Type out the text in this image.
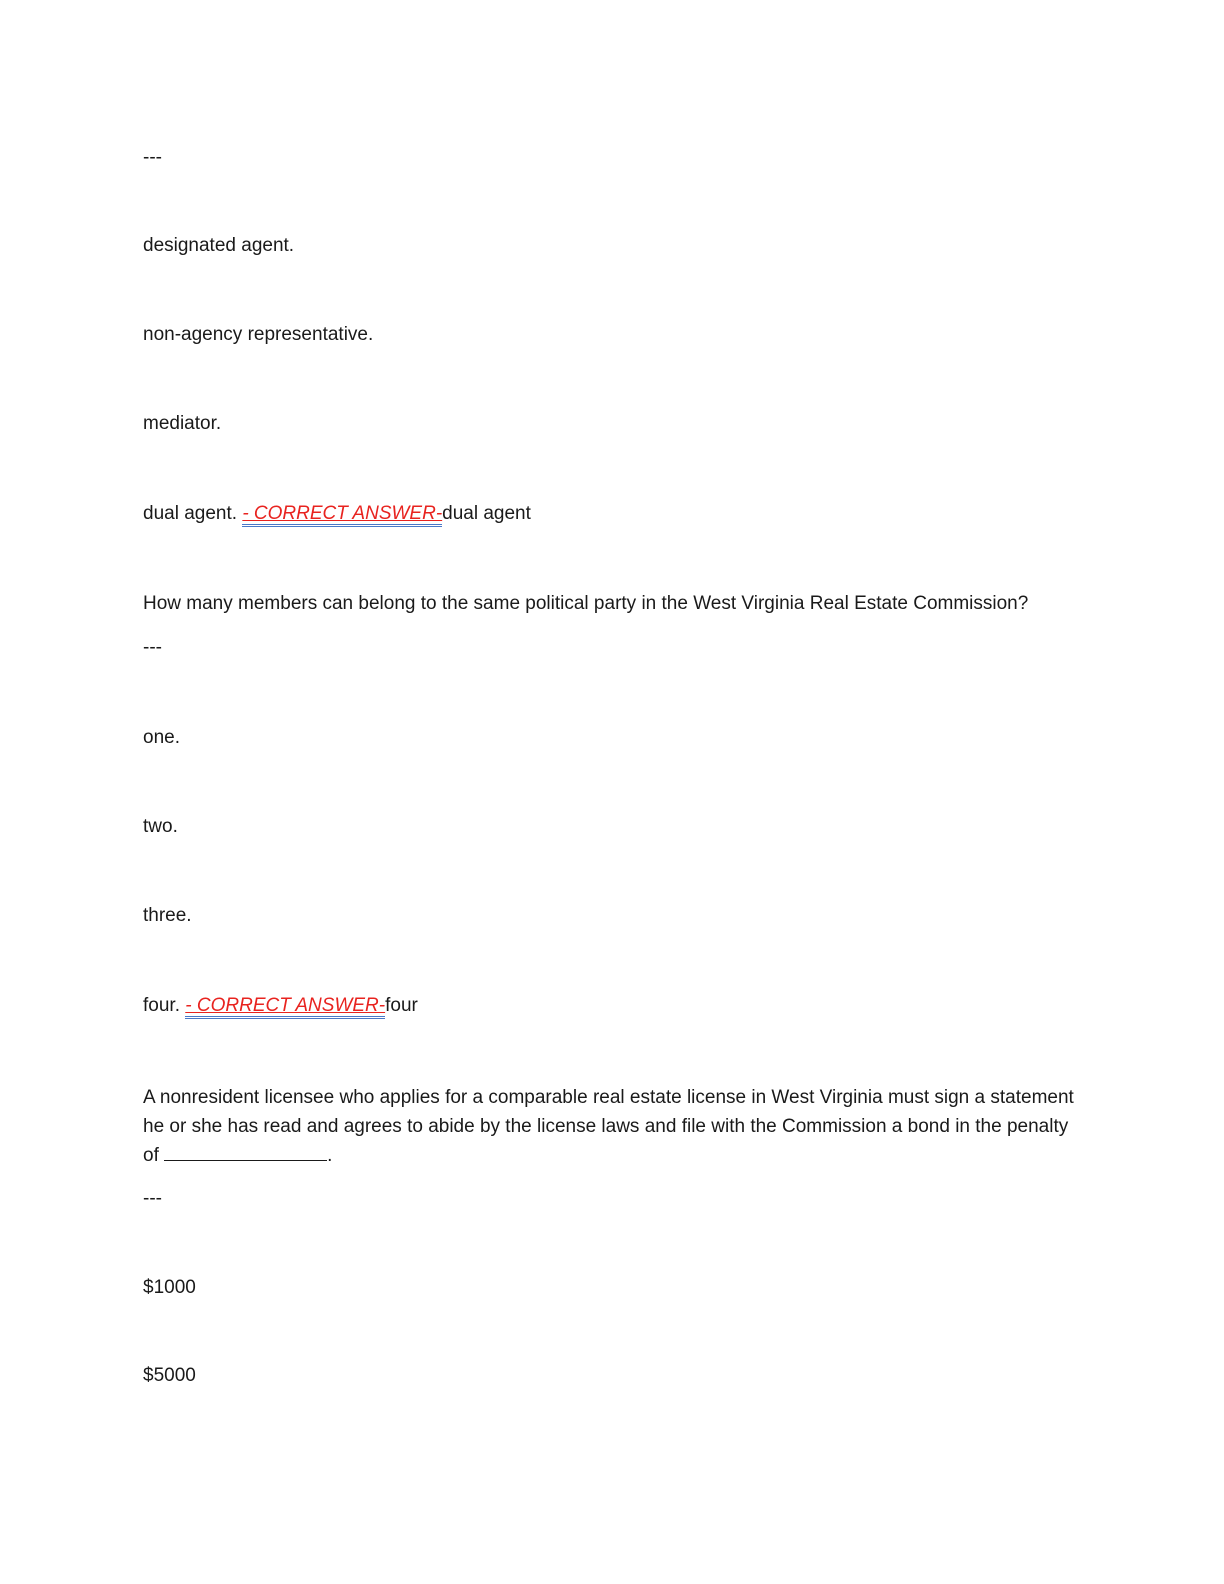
---
designated agent.
non-agency representative.
mediator.
dual agent. - CORRECT ANSWER-dual agent
How many members can belong to the same political party in the West Virginia Real Estate Commission?
---
one.
two.
three.
four. - CORRECT ANSWER-four
A nonresident licensee who applies for a comparable real estate license in West Virginia must sign a statement he or she has read and agrees to abide by the license laws and file with the Commission a bond in the penalty of	.
---
$1000
$5000
